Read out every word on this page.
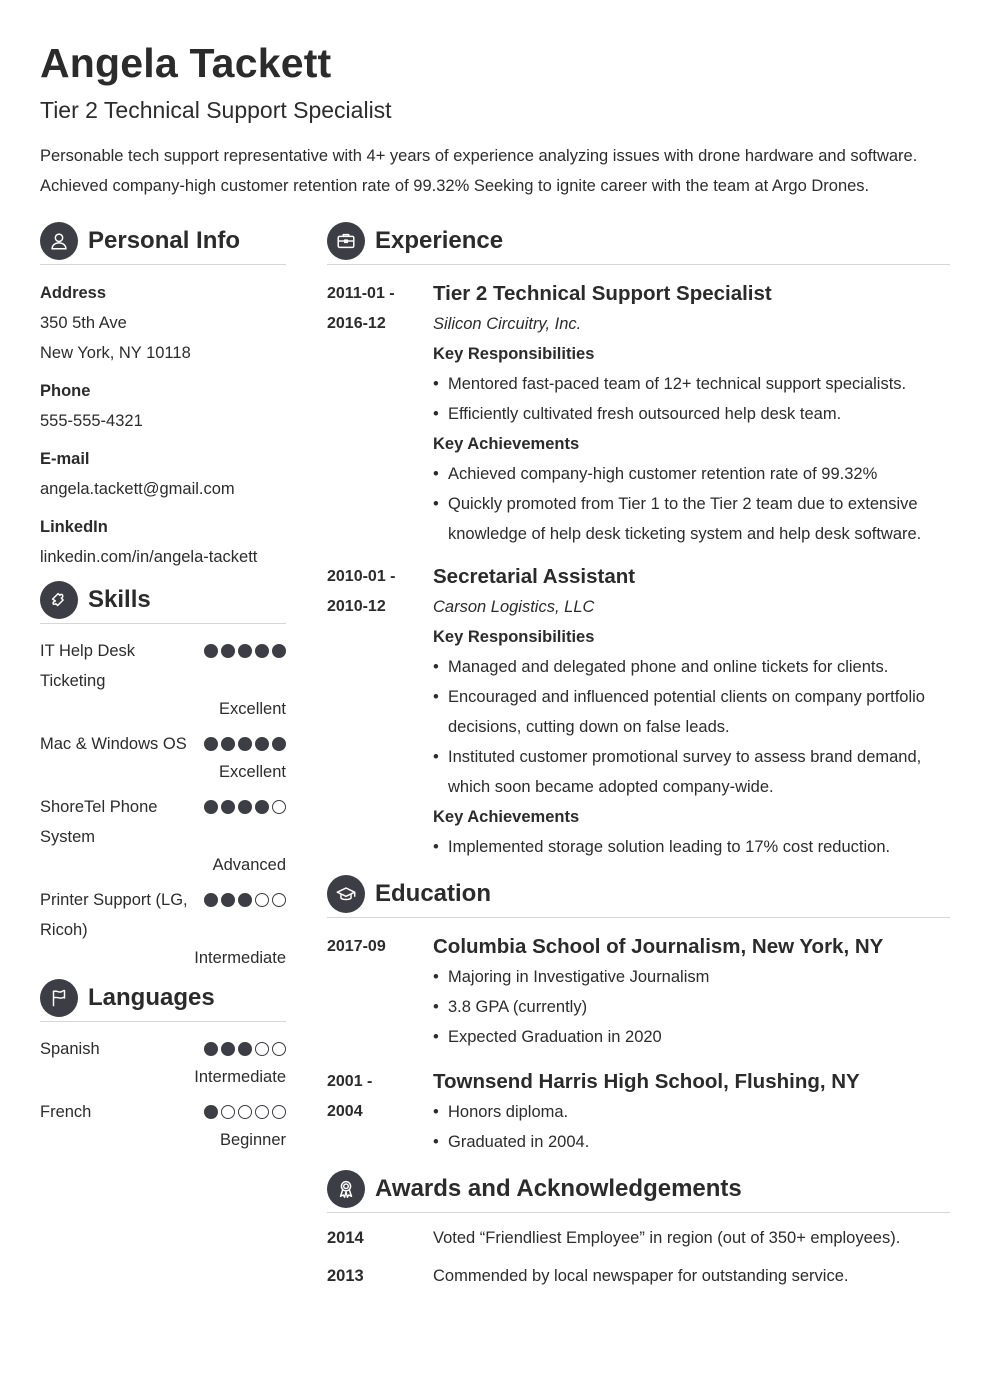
Angela Tackett
Tier 2 Technical Support Specialist
Personable tech support representative with 4+ years of experience analyzing issues with drone hardware and software. Achieved company-high customer retention rate of 99.32% Seeking to ignite career with the team at Argo Drones.
Personal Info
Address
350 5th Ave
New York, NY 10118
Phone
555-555-4321
E-mail
angela.tackett@gmail.com
LinkedIn
linkedin.com/in/angela-tackett
Skills
IT Help Desk Ticketing
Excellent
Mac & Windows OS
Excellent
ShoreTel Phone System
Advanced
Printer Support (LG, Ricoh)
Intermediate
Languages
Spanish
Intermediate
French
Beginner
Experience
2011-01 -
2016-12
Tier 2 Technical Support Specialist
Silicon Circuitry, Inc.
Key Responsibilities
• Mentored fast-paced team of 12+ technical support specialists.
• Efficiently cultivated fresh outsourced help desk team.
Key Achievements
• Achieved company-high customer retention rate of 99.32%
• Quickly promoted from Tier 1 to the Tier 2 team due to extensive knowledge of help desk ticketing system and help desk software.
2010-01 -
2010-12
Secretarial Assistant
Carson Logistics, LLC
Key Responsibilities
• Managed and delegated phone and online tickets for clients.
• Encouraged and influenced potential clients on company portfolio decisions, cutting down on false leads.
• Instituted customer promotional survey to assess brand demand, which soon became adopted company-wide.
Key Achievements
• Implemented storage solution leading to 17% cost reduction.
Education
2017-09	Columbia School of Journalism, New York, NY
• Majoring in Investigative Journalism
• 3.8 GPA (currently)
• Expected Graduation in 2020
2001 -
2004
Townsend Harris High School, Flushing, NY
• Honors diploma.
• Graduated in 2004.
Awards and Acknowledgements
2014	Voted “Friendliest Employee” in region (out of 350+ employees).
2013	Commended by local newspaper for outstanding service.
